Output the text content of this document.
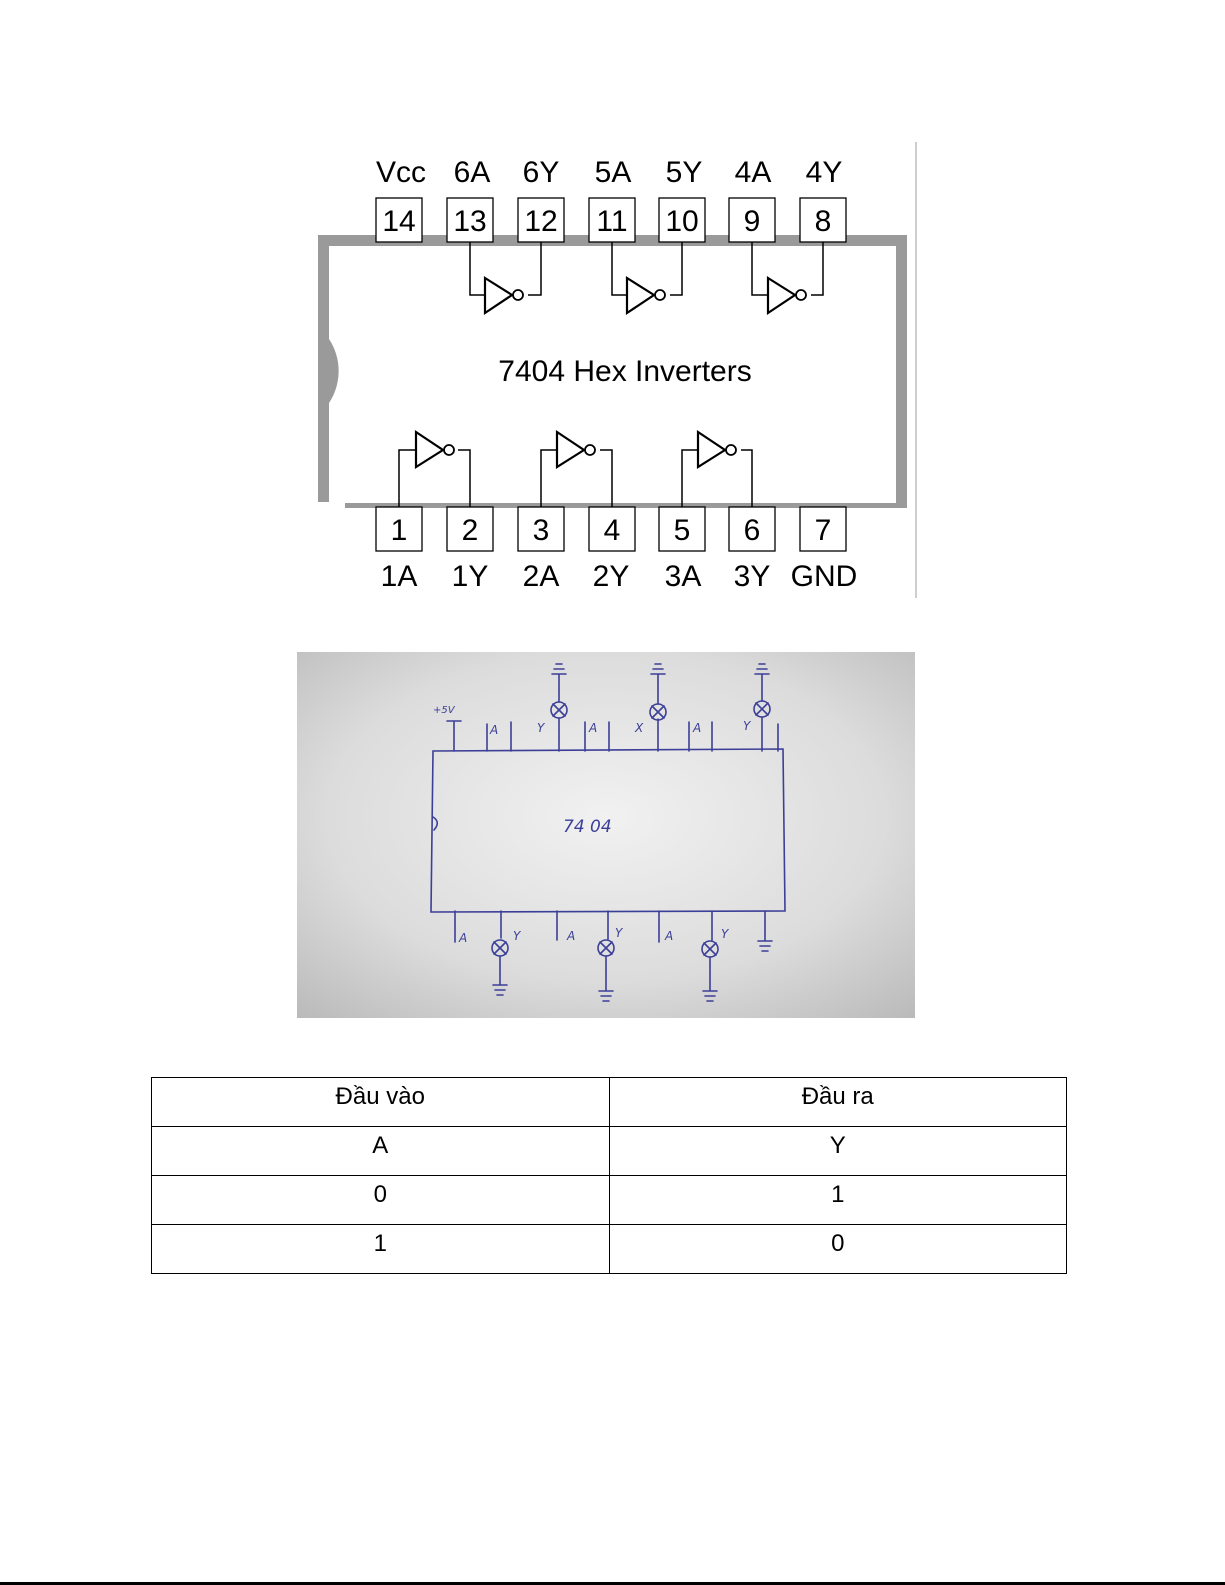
7404 Hex Inverters
14
Vcc
13
6A
12
6Y
11
5A
10
5Y
9
4A
8
4Y
1
1A
2
1Y
3
2A
4
2Y
5
3A
6
3Y
7
GND
74 04
+5V
A	Y	A	X	A	Y
A	Y	A	Y	A	Y
Đầu vào	Đầu ra
A	Y
0	1
1	0
